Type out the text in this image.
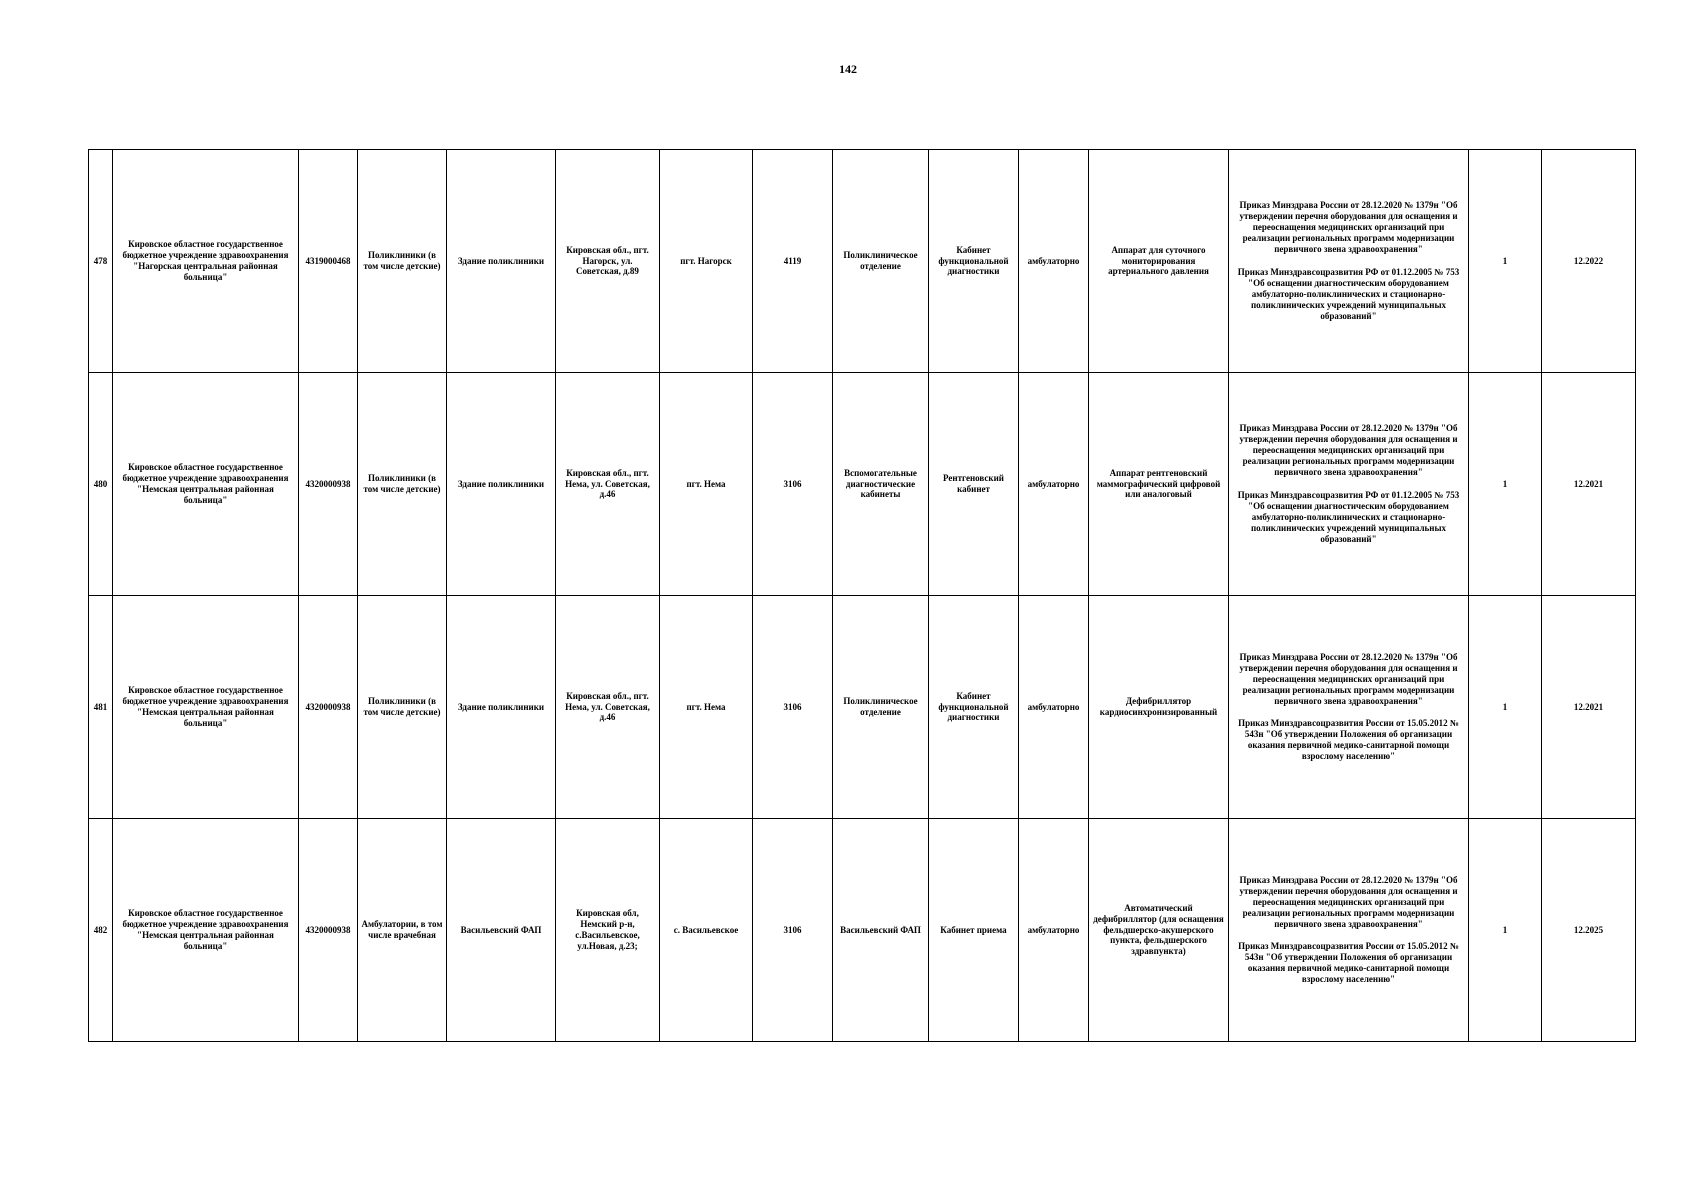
142
478	Кировское областное государственное бюджетное учреждение здравоохранения "Нагорская центральная районная больница"	4319000468	Поликлиники (в том числе детские)	Здание поликлиники	Кировская обл., пгт. Нагорск, ул. Советская, д.89	пгт. Нагорск	4119	Поликлиническое отделение	Кабинет функциональной диагностики	амбулаторно	Аппарат для суточного мониторирования артериального давления	Приказ Минздрава России от 28.12.2020 № 1379н "Об утверждении перечня оборудования для оснащения и переоснащения медицинских организаций при реализации региональных программ модернизации первичного звена здравоохранения"
Приказ Минздравсоцразвития РФ от 01.12.2005 № 753 "Об оснащении диагностическим оборудованием амбулаторно-поликлинических и стационарно-поликлинических учреждений муниципальных образований"	1	12.2022
480	Кировское областное государственное бюджетное учреждение здравоохранения "Немская центральная районная больница"	4320000938	Поликлиники (в том числе детские)	Здание поликлиники	Кировская обл., пгт. Нема, ул. Советская, д.46	пгт. Нема	3106	Вспомогательные диагностические кабинеты	Рентгеновский кабинет	амбулаторно	Аппарат рентгеновский маммографический цифровой или аналоговый	Приказ Минздрава России от 28.12.2020 № 1379н "Об утверждении перечня оборудования для оснащения и переоснащения медицинских организаций при реализации региональных программ модернизации первичного звена здравоохранения"
Приказ Минздравсоцразвития РФ от 01.12.2005 № 753 "Об оснащении диагностическим оборудованием амбулаторно-поликлинических и стационарно-поликлинических учреждений муниципальных образований"	1	12.2021
481	Кировское областное государственное бюджетное учреждение здравоохранения "Немская центральная районная больница"	4320000938	Поликлиники (в том числе детские)	Здание поликлиники	Кировская обл., пгт. Нема, ул. Советская, д.46	пгт. Нема	3106	Поликлиническое отделение	Кабинет функциональной диагностики	амбулаторно	Дефибриллятор кардиосинхронизированный	Приказ Минздрава России от 28.12.2020 № 1379н "Об утверждении перечня оборудования для оснащения и переоснащения медицинских организаций при реализации региональных программ модернизации первичного звена здравоохранения"
Приказ Минздравсоцразвития России от 15.05.2012 № 543н "Об утверждении Положения об организации оказания первичной медико-санитарной помощи взрослому населению"	1	12.2021
482	Кировское областное государственное бюджетное учреждение здравоохранения "Немская центральная районная больница"	4320000938	Амбулатории, в том числе врачебная	Васильевский ФАП	Кировская обл, Немский р-н, с.Васильевское, ул.Новая, д.23;	с. Васильевское	3106	Васильевский ФАП	Кабинет приема	амбулаторно	Автоматический дефибриллятор (для оснащения фельдшерско-акушерского пункта, фельдшерского здравпункта)	Приказ Минздрава России от 28.12.2020 № 1379н "Об утверждении перечня оборудования для оснащения и переоснащения медицинских организаций при реализации региональных программ модернизации первичного звена здравоохранения"
Приказ Минздравсоцразвития России от 15.05.2012 № 543н "Об утверждении Положения об организации оказания первичной медико-санитарной помощи взрослому населению"	1	12.2025
